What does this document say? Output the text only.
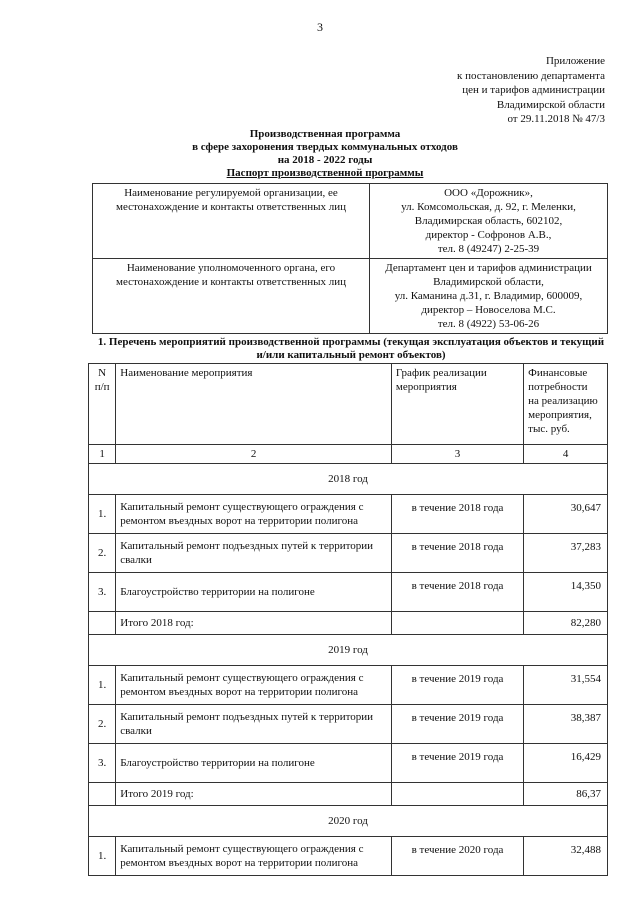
3
Приложение
к постановлению департамента
цен и тарифов администрации
Владимирской области
от 29.11.2018 № 47/3
Производственная программа
в сфере захоронения твердых коммунальных отходов
на 2018 - 2022 годы
Паспорт производственной программы
Наименование регулируемой организации, ее местонахождение и контакты ответственных лиц	ООО «Дорожник»,
ул. Комсомольская, д. 92, г. Меленки,
Владимирская область, 602102,
директор - Софронов А.В.,
тел. 8 (49247) 2-25-39

Наименование уполномоченного органа, его местонахождение и контакты ответственных лиц	Департамент цен и тарифов администрации
Владимирской области,
ул. Каманина д.31, г. Владимир, 600009,
директор – Новоселова М.С.
тел. 8 (4922) 53-06-26
1. Перечень мероприятий производственной программы (текущая эксплуатация объектов и текущий и/или капитальный ремонт объектов)
N п/п	Наименование мероприятия	График реализации мероприятия	Финансовые потребности на реализацию мероприятия, тыс. руб.
1	2	3	4
2018 год			
1.	Капитальный ремонт существующего ограждения с ремонтом въездных ворот на территории полигона	в течение 2018 года	30,647
2.	Капитальный ремонт подъездных путей к территории свалки	в течение 2018 года	37,283
3.	Благоустройство территории на полигоне	в течение 2018 года	14,350
	Итого 2018 год:		82,280
2019 год			
1.	Капитальный ремонт существующего ограждения с ремонтом въездных ворот на территории полигона	в течение 2019 года	31,554
2.	Капитальный ремонт подъездных путей к территории свалки	в течение 2019 года	38,387
3.	Благоустройство территории на полигоне	в течение 2019 года	16,429
	Итого 2019 год:		86,37
2020 год			
1.	Капитальный ремонт существующего ограждения с ремонтом въездных ворот на территории полигона	в течение 2020 года	32,488
